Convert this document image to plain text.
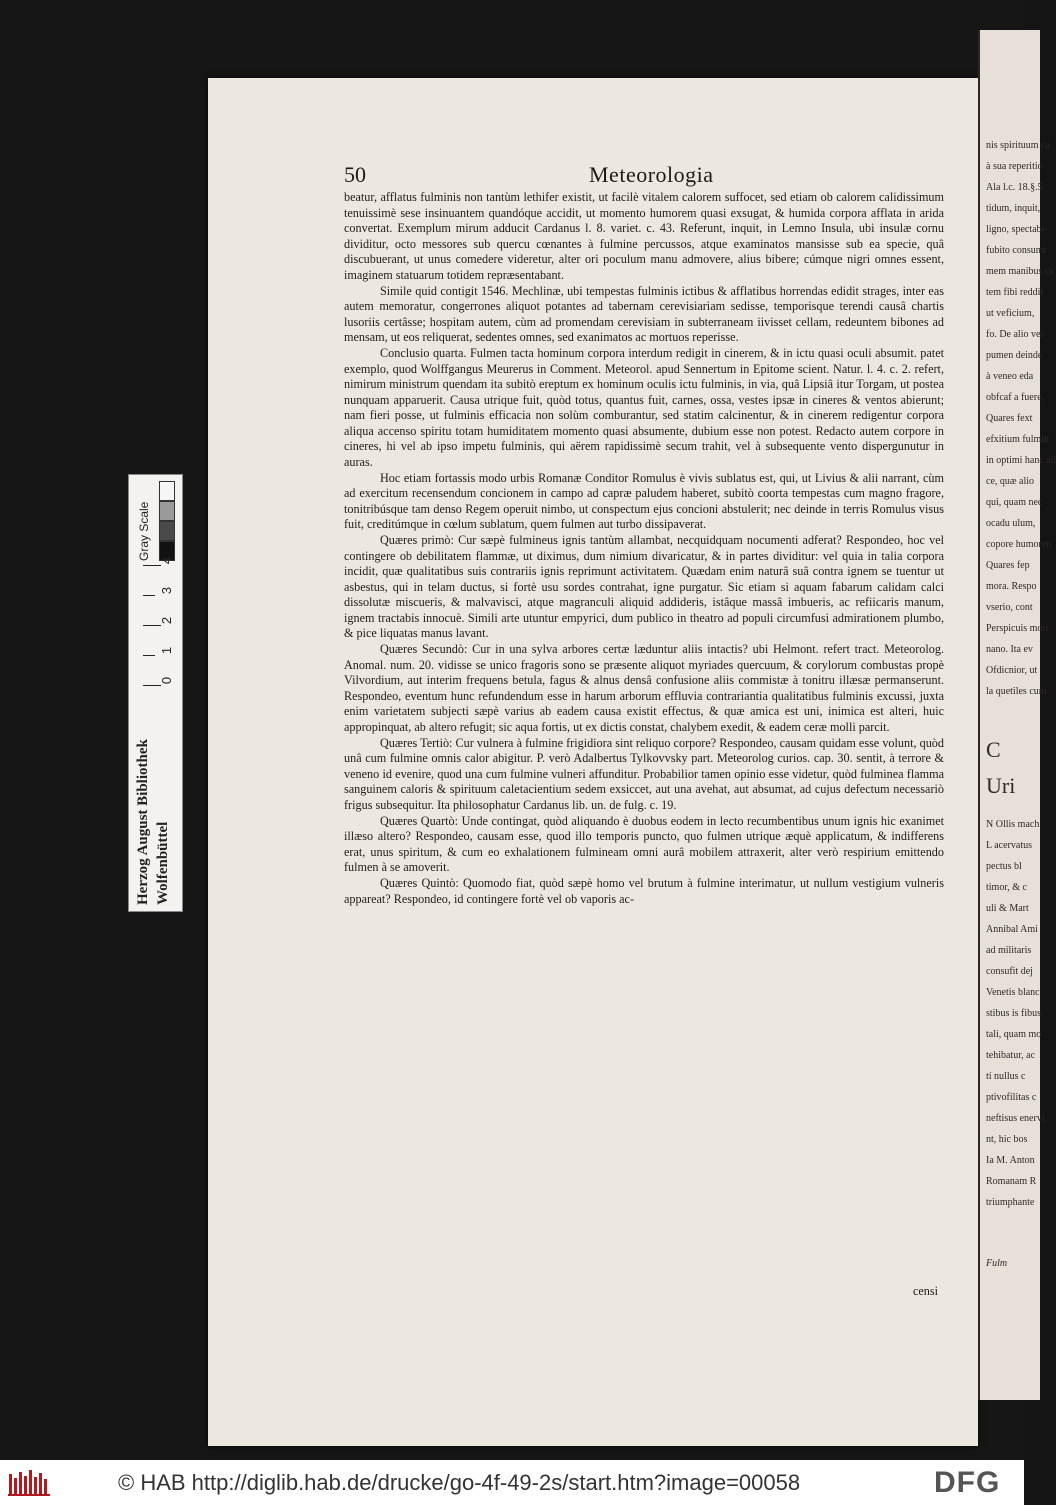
50	Meteorologia

beatur, afflatus fulminis non tantùm lethifer existit, ut facilè vitalem calorem suffocet, sed etiam ob calorem calidissimum tenuissimè sese insinuantem quandóque accidit, ut momento humorem quasi exsugat, & humida corpora afflata in arida convertat. Exemplum mirum adducit Cardanus l. 8. variet. c. 43. Referunt, inquit, in Lemno Insula, ubi insulæ cornu dividitur, octo messores sub quercu cœnantes à fulmine percussos, atque examinatos mansisse sub ea specie, quâ discubuerant, ut unus comedere videretur, alter ori poculum manu admovere, alius bibere; cúmque nigri omnes essent, imaginem statuarum totidem repræsentabant.

Simile quid contigit 1546. Mechlinæ, ubi tempestas fulminis ictibus & afflatibus horrendas edidit strages, inter eas autem memoratur, congerrones aliquot potantes ad tabernam cerevisiariam sedisse, temporisque terendi causâ chartis lusoriis certâsse; hospitam autem, cùm ad promendam cerevisiam in subterraneam iivisset cellam, redeuntem bibones ad mensam, ut eos reliquerat, sedentes omnes, sed exanimatos ac mortuos reperisse.

Conclusio quarta. Fulmen tacta hominum corpora interdum redigit in cinerem, & in ictu quasi oculi absumit. patet exemplo, quod Wolffgangus Meurerus in Comment. Meteorol. apud Sennertum in Epitome scient. Natur. l. 4. c. 2. refert, nimirum ministrum quendam ita subitò ereptum ex hominum oculis ictu fulminis, in via, quâ Lipsiâ itur Torgam, ut postea nunquam apparuerit. Causa utrique fuit, quòd totus, quantus fuit, carnes, ossa, vestes ipsæ in cineres & ventos abierunt; nam fieri posse, ut fulminis efficacia non solùm comburantur, sed statim calcinentur, & in cinerem redigentur corpora aliqua accenso spiritu totam humiditatem momento quasi absumente, dubium esse non potest. Redacto autem corpore in cineres, hi vel ab ipso impetu fulminis, qui aërem rapidissimè secum trahit, vel à subsequente vento dispergunutur in auras.

Hoc etiam fortassis modo urbis Romanæ Conditor Romulus è vivis sublatus est, qui, ut Livius & alii narrant, cùm ad exercitum recensendum concionem in campo ad capræ paludem haberet, subitò coorta tempestas cum magno fragore, tonitribúsque tam denso Regem operuit nimbo, ut conspectum ejus concioni abstulerit; nec deinde in terris Romulus visus fuit, creditúmque in cœlum sublatum, quem fulmen aut turbo dissipaverat.

Quæres primò: Cur sæpè fulmineus ignis tantùm allambat, necquidquam nocumenti adferat? Respondeo, hoc vel contingere ob debilitatem flammæ, ut diximus, dum nimium divaricatur, & in partes dividitur: vel quia in talia corpora incidit, quæ qualitatibus suis contrariis ignis reprimunt activitatem. Quædam enim naturâ suâ contra ignem se tuentur ut asbestus, qui in telam ductus, si fortè usu sordes contrahat, igne purgatur. Sic etiam si aquam fabarum calidam calci dissolutæ miscueris, & malvavisci, atque magranculi aliquid addideris, istâque massâ imbueris, ac refiicaris manum, ignem tractabis innocuè. Simili arte utuntur empyrici, dum publico in theatro ad populi circumfusi admirationem plumbo, & pice liquatas manus lavant.

Quæres Secundò: Cur in una sylva arbores certæ læduntur aliis intactis? ubi Helmont. refert tract. Meteorolog. Anomal. num. 20. vidisse se unico fragoris sono se præsente aliquot myriades quercuum, & corylorum combustas propè Vilvordium, aut interim frequens betula, fagus & alnus densâ confusione aliis commistæ à tonitru illæsæ permanserunt. Respondeo, eventum hunc refundendum esse in harum arborum effluvia contrariantia qualitatibus fulminis excussi, juxta enim varietatem subjecti sæpè varius ab eadem causa existit effectus, & quæ amica est uni, inimica est alteri, huic appropinquat, ab altero refugit; sic aqua fortis, ut ex dictis constat, chalybem exedit, & eadem ceræ molli parcit.

Quæres Tertiò: Cur vulnera à fulmine frigidiora sint reliquo corpore? Respondeo, causam quidam esse volunt, quòd unâ cum fulmine omnis calor abigitur. P. verò Adalbertus Tylkovvsky part. Meteorolog curios. cap. 30. sentit, à terrore & veneno id evenire, quod una cum fulmine vulneri affunditur. Probabilior tamen opinio esse videtur, quòd fulminea flamma sanguinem caloris & spirituum caletacientium sedem exsiccet, aut una avehat, aut absumat, ad cujus defectum necessariò frigus subsequitur. Ita philosophatur Cardanus lib. un. de fulg. c. 19.

Quæres Quartò: Unde contingat, quòd aliquando è duobus eodem in lecto recumbentibus unum ignis hic exanimet illæso altero? Respondeo, causam esse, quod illo temporis puncto, quo fulmen utrique æquè applicatum, & indifferens erat, unus spiritum, & cum eo exhalationem fulmineam omni aurâ mobilem attraxerit, alter verò respirium emittendo fulmen à se amoverit.

Quæres Quintò: Quomodo fiat, quòd sæpè homo vel brutum à fulmine interimatur, ut nullum vestigium vulneris appareat? Respondeo, id contingere fortè vel ob vaporis ac-

censi
nis spirituum ca
à sua reperitio
Ala l.c. 18.§.5.
tidum, inquit,
ligno, spectabi-
fubito consumi
mem manibus ca
tem fibi reddit
ut veficium,
fo. De alio ver
pumen deinde
à veneo eda
obfcaf a fuere,
Quares fext
efxitium fulmin
in optimi hanc all
ce, quæ alio
qui, quam nec
ocadu ulum,
copore humoren
Quares fep
mora. Respo
vserio, cont
Perspicuis mort
nano. Ita ev
Ofdicnior, ut
la quetiles cum
C
Uri
N Ollis mach
L acervatus
pectus bl
timor, & c
uli & Mart
Annibal Ami
ad militaris
consufit dej
Venetis blanc
stibus is fibus
tali, quam mo
tehibatur, ac
tí nullus c
ptivofilitas c
neftisus enervi
nt, hic bos
Ia M. Anton
Romanam R
triumphante
Fulm
Gray Scale
0
1
2
3
4
Herzog August Bibliothek Wolfenbüttel
© HAB http://diglib.hab.de/drucke/go-4f-49-2s/start.htm?image=00058	DFG
